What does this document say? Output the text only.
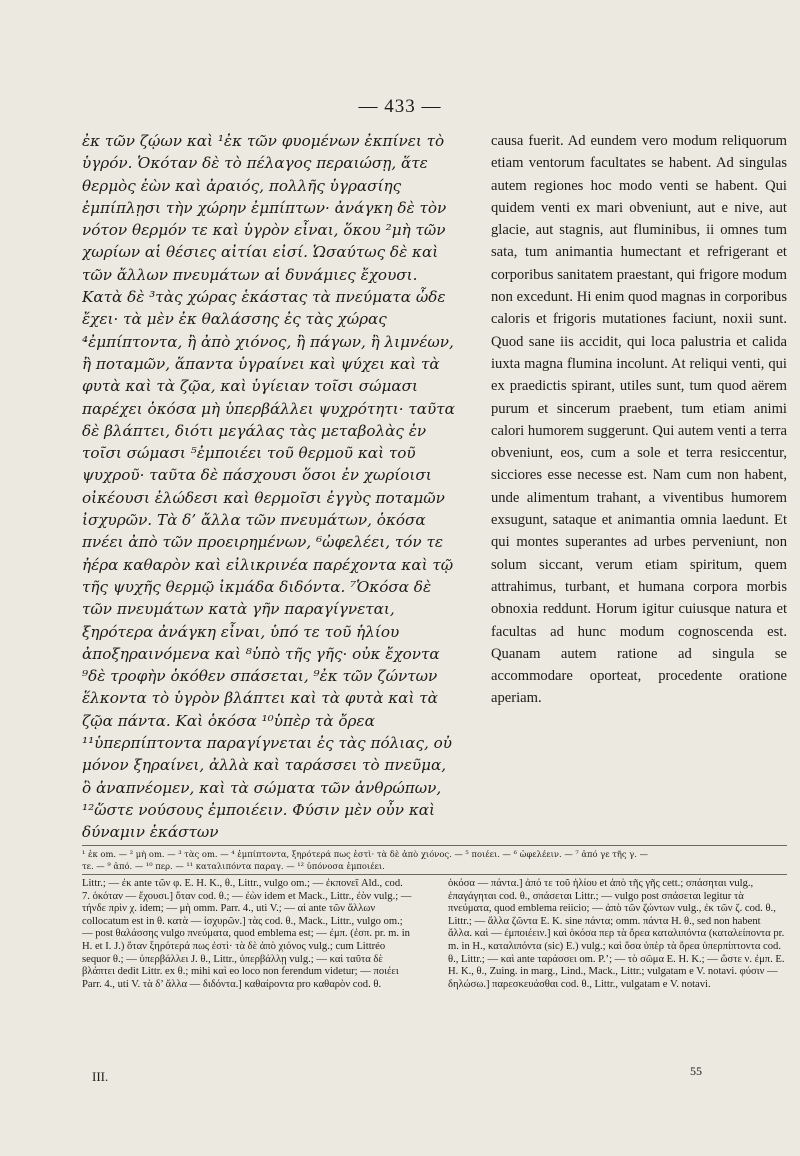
— 433 —

ἐκ τῶν ζῴων καὶ ¹ἐκ τῶν φυομένων ἐκπίνει τὸ ὑγρόν. Ὁκόταν δὲ τὸ πέλαγος περαιώσῃ, ἅτε θερμὸς ἐὼν καὶ ἀραιός, πολλῆς ὑγρασίης ἐμπίπλῃσι τὴν χώρην ἐμπίπτων· ἀνάγκη δὲ τὸν νότον θερμόν τε καὶ ὑγρὸν εἶναι, ὅκου ²μὴ τῶν χωρίων αἱ θέσιες αἰτίαι εἰσί. Ὡσαύτως δὲ καὶ τῶν ἄλλων πνευμάτων αἱ δυνάμιες ἔχουσι. Κατὰ δὲ ³τὰς χώρας ἑκάστας τὰ πνεύματα ὧδε ἔχει· τὰ μὲν ἐκ θαλάσσης ἐς τὰς χώρας ⁴ἐμπίπτοντα, ἢ ἀπὸ χιόνος, ἢ πάγων, ἢ λιμνέων, ἢ ποταμῶν, ἅπαντα ὑγραίνει καὶ ψύχει καὶ τὰ φυτὰ καὶ τὰ ζῷα, καὶ ὑγίειαν τοῖσι σώμασι παρέχει ὁκόσα μὴ ὑπερβάλλει ψυχρότητι· ταῦτα δὲ βλάπτει, διότι μεγάλας τὰς μεταβολὰς ἐν τοῖσι σώμασι ⁵ἐμποιέει τοῦ θερμοῦ καὶ τοῦ ψυχροῦ· ταῦτα δὲ πάσχουσι ὅσοι ἐν χωρίοισι οἰκέουσι ἑλώδεσι καὶ θερμοῖσι ἐγγὺς ποταμῶν ἰσχυρῶν. Τὰ δ’ ἄλλα τῶν πνευμάτων, ὁκόσα πνέει ἀπὸ τῶν προειρημένων, ⁶ὠφελέει, τόν τε ἠέρα καθαρὸν καὶ εἰλικρινέα παρέχοντα καὶ τῷ τῆς ψυχῆς θερμῷ ἰκμάδα διδόντα. ⁷Ὁκόσα δὲ τῶν πνευμάτων κατὰ γῆν παραγίγνεται, ξηρότερα ἀνάγκη εἶναι, ὑπό τε τοῦ ἡλίου ἀποξηραινόμενα καὶ ⁸ὑπὸ τῆς γῆς· οὐκ ἔχοντα ⁹δὲ τροφὴν ὁκόθεν σπάσεται, ⁹ἐκ τῶν ζώντων ἕλκοντα τὸ ὑγρὸν βλάπτει καὶ τὰ φυτὰ καὶ τὰ ζῷα πάντα. Καὶ ὁκόσα ¹⁰ὑπὲρ τὰ ὄρεα ¹¹ὑπερπίπτοντα παραγίγνεται ἐς τὰς πόλιας, οὐ μόνον ξηραίνει, ἀλλὰ καὶ ταράσσει τὸ πνεῦμα, ὃ ἀναπνέομεν, καὶ τὰ σώματα τῶν ἀνθρώπων, ¹²ὥστε νούσους ἐμποιέειν. Φύσιν μὲν οὖν καὶ δύναμιν ἑκάστων

causa fuerit. Ad eundem vero modum reliquorum etiam ventorum facultates se habent. Ad singulas autem regiones hoc modo venti se habent. Qui quidem venti ex mari obveniunt, aut e nive, aut glacie, aut stagnis, aut fluminibus, ii omnes tum sata, tum animantia humectant et refrigerant et corporibus sanitatem praestant, qui frigore modum non excedunt. Hi enim quod magnas in corporibus caloris et frigoris mutationes faciunt, noxii sunt. Quod sane iis accidit, qui loca palustria et calida iuxta magna flumina incolunt. At reliqui venti, qui ex praedictis spirant, utiles sunt, tum quod aërem purum et sincerum praebent, tum etiam animi calori humorem suggerunt. Qui autem venti a terra obveniunt, eos, cum a sole et terra resiccentur, sicciores esse necesse est. Nam cum non habent, unde alimentum trahant, a viventibus humorem exsugunt, sataque et animantia omnia laedunt. Et qui montes superantes ad urbes perveniunt, non solum siccant, verum etiam spiritum, quem attrahimus, turbant, et humana corpora morbis obnoxia reddunt. Horum igitur cuiusque natura et facultas ad hunc modum cognoscenda est. Quanam autem ratione ad singula se accommodare oporteat, procedente oratione aperiam.

¹ ἐκ om. — ² μὴ om. — ³ τὰς om. — ⁴ ἐμπίπτοντα, ξηρότερά πως ἐστὶ· τὰ δὲ ἀπὸ χιόνος. — ⁵ ποιέει. — ⁶ ὠφελέειν. — ⁷ ἀπό γε τῆς γ. —
τε. — ⁹ ἀπό. — ¹⁰ περ. — ¹¹ καταλιπόντα παραγ. — ¹² ὑπόνοσα ἐμποιέει.

Littr.; — ἐκ ante τῶν φ. E. H. K., θ., Littr., vulgo om.; — ἐκπονεῖ Ald., cod. 7. ὁκόταν — ἔχουσι.] ὅταν cod. θ.; — ἐὼν idem et Mack., Littr., ἐὸν vulg.; — τήνδε πρὶν χ. idem; — μὴ omm. Parr. 4., uti V.; — αἱ ante τῶν ἄλλων collocatum est in θ. κατὰ — ἰσχυρῶν.] τὰς cod. θ., Mack., Littr., vulgo om.; — post θαλάσσης vulgo πνεύματα, quod emblema est; — ἐμπ. (ἐσπ. pr. m. in H. et I. J.) ὅταν ξηρότερά πως ἐστὶ· τὰ δὲ ἀπὸ χιόνος vulg.; cum Littréo sequor θ.; — ὑπερβάλλει J. θ., Littr., ὑπερβάλλῃ vulg.; — καὶ ταῦτα δὲ βλάπτει dedit Littr. ex θ.; mihi καὶ eo loco non ferendum videtur; — ποιέει Parr. 4., uti V. τὰ δ’ ἄλλα — διδόντα.] καθαίροντα pro καθαρὸν cod. θ.

ὁκόσα — πάντα.] ἀπό τε τοῦ ἡλίου et ἀπὸ τῆς γῆς cett.; σπάσηται vulg., ἐπαγάγηται cod. θ., σπάσεται Littr.; — vulgo post σπάσεται legitur τὰ πνεύματα, quod emblema reiicio; — ἀπὸ τῶν ζώντων vulg., ἐκ τῶν ζ. cod. θ., Littr.; — ἄλλα ζῶντα E. K. sine πάντα; omm. πάντα H. θ., sed non habent ἄλλα. καὶ — ἐμποιέειν.] καὶ ὁκόσα περ τὰ ὄρεα καταλιπόντα (καταλείποντα pr. m. in H., καταλιπόντα (sic) E.) vulg.; καὶ ὅσα ὑπὲρ τὰ ὄρεα ὑπερπίπτοντα cod. θ., Littr.; — καὶ ante ταράσσει om. P.’; — τὸ σῶμα E. H. K.; — ὥστε ν. ἐμπ. E. H. K., θ., Zuing. in marg., Lind., Mack., Littr.; vulgatam e V. notavi. φύσιν — δηλώσω.] παρεσκευάσθαι cod. θ., Littr., vulgatam e V. notavi.

III.	55
